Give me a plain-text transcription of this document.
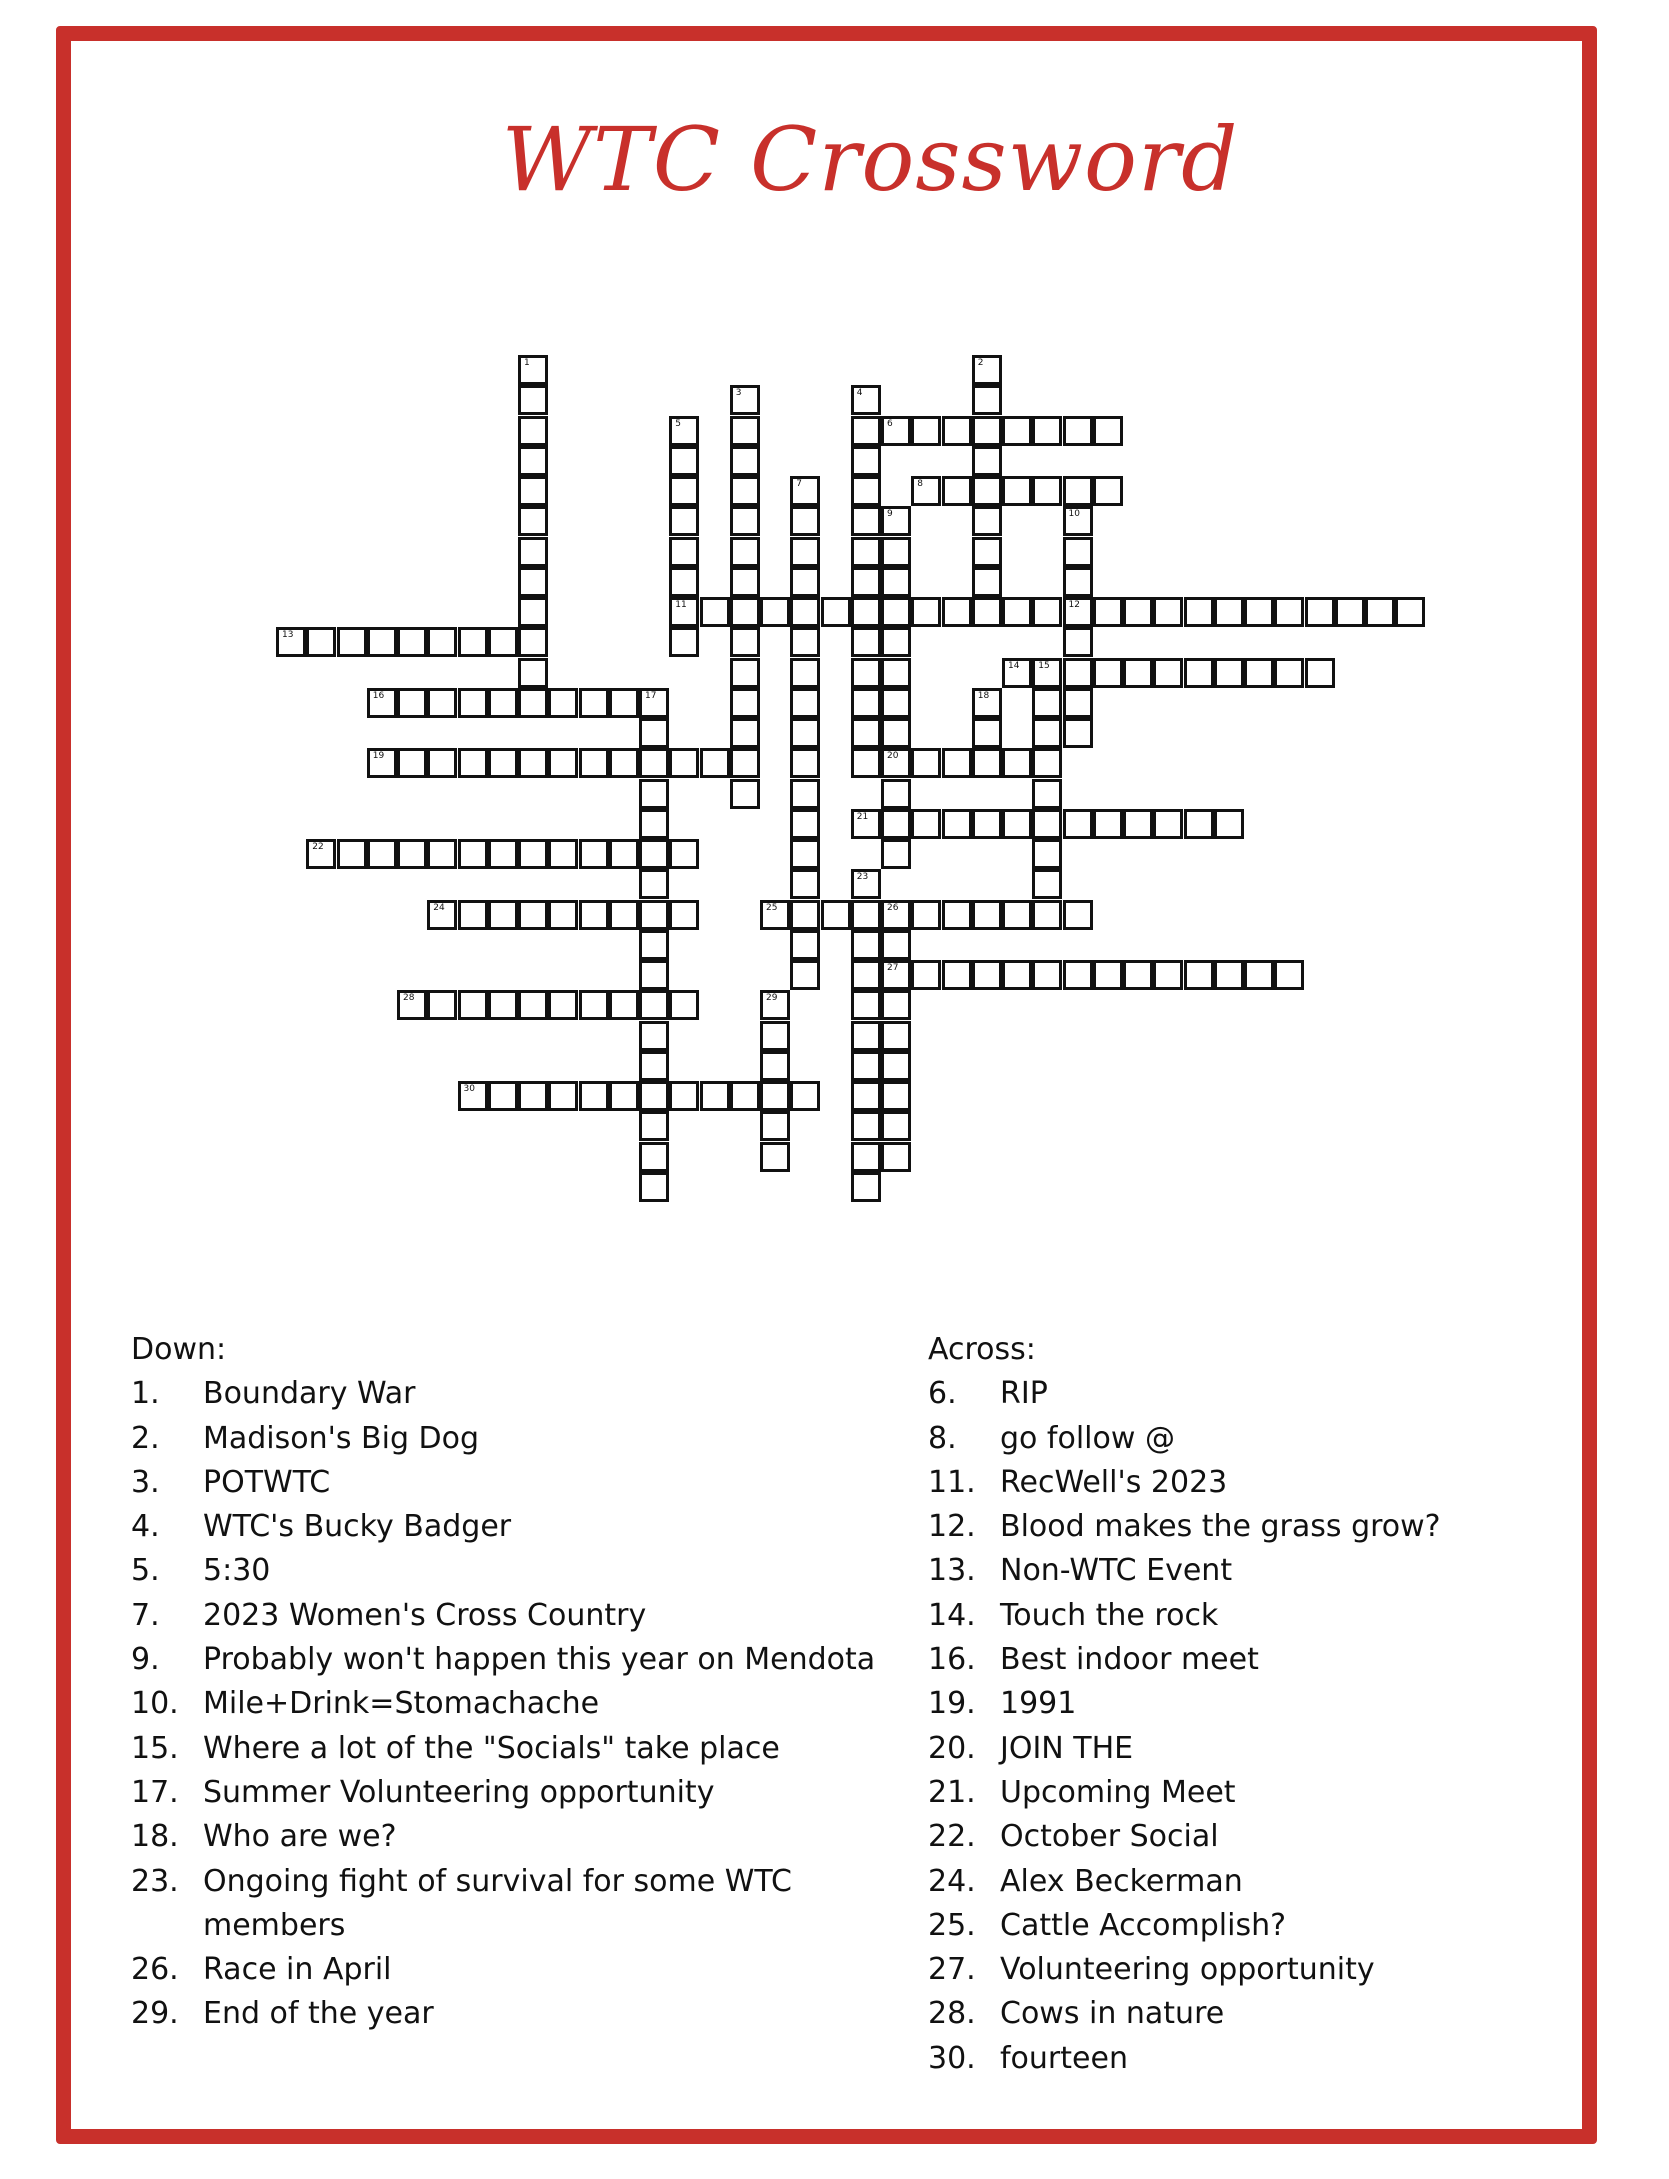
WTC Crossword
1	2
3	4
5
11
6
7	8
9
20
10
12
13
14 15
16	17	18
19
21
22
23
24	25	26
27
28	29
30
Down:
1.	Boundary War
2.	Madison's Big Dog
3.	POTWTC
4.	WTC's Bucky Badger
5.	5:30
7.	2023 Women's Cross Country
9.	Probably won't happen this year on Mendota
10. Mile+Drink=Stomachache
15. Where a lot of the "Socials" take place
17. Summer Volunteering opportunity
18. Who are we?
23. Ongoing fight of survival for some WTC members
26. Race in April
29. End of the year
Across:
6.	RIP
8.	go follow @
11. RecWell's 2023
12. Blood makes the grass grow?
13. Non-WTC Event
14. Touch the rock
16. Best indoor meet
19. 1991
20. JOIN THE
21. Upcoming Meet
22. October Social
24. Alex Beckerman
25. Cattle Accomplish?
27. Volunteering opportunity
28. Cows in nature
30. fourteen
